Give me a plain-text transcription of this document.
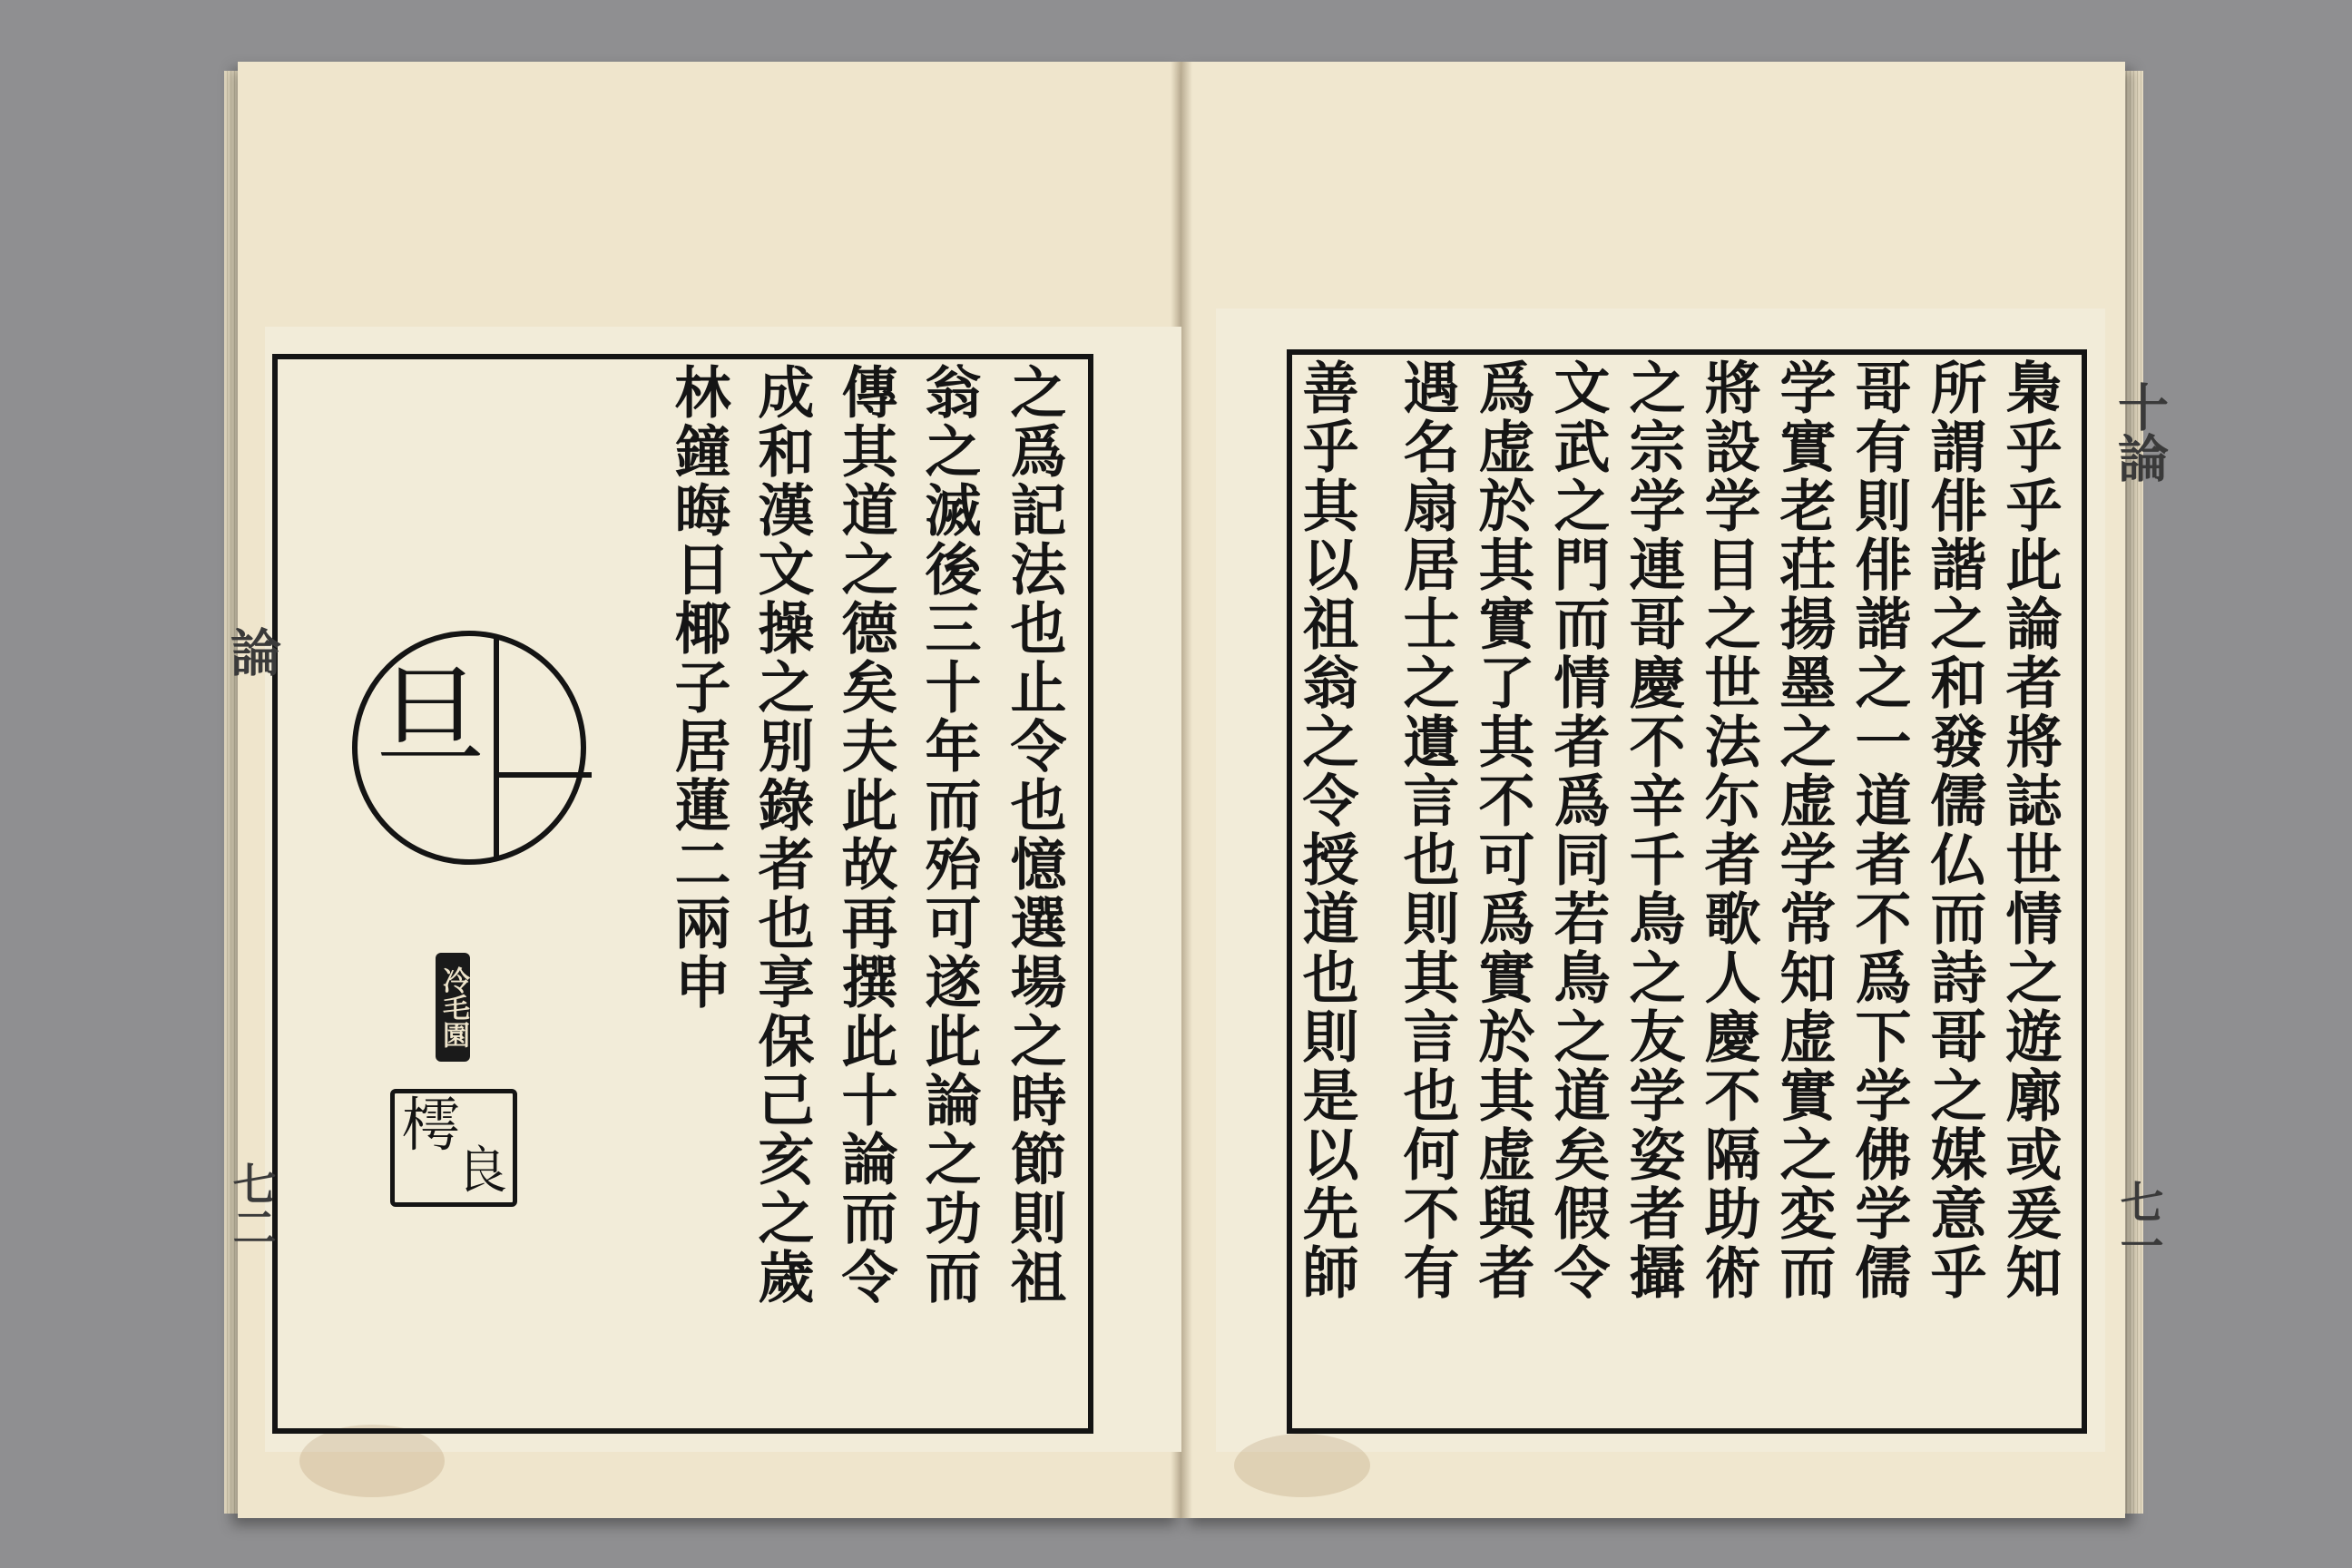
旦
冷毛園
樗
良	之爲記法也止令也憶選場之時節則祖
翁之滅後三十年而殆可遂此論之功而
傳其道之德矣夫此故再撰此十論而令
成和漢文操之別錄者也享保己亥之歲
林鐘晦日椰子居蓮二兩申
論
七二	梟乎乎此論者將誌世情之遊廓或爰知
所謂俳諧之和發儒仏而詩哥之媒意乎
哥有則俳諧之一道者不爲下学佛学儒
学實老荘揚墨之虚学常知虚實之変而
將設学目之世法尓者歌人慶不隔助術
之宗学連哥慶不辛千鳥之友学姿者攝
文武之門而情者爲同若鳥之道矣假令
爲虚於其實了其不可爲實於其虚與者
遇名扇居士之遺言也則其言也何不有
善乎其以祖翁之令授道也則是以先師	十論
七一
